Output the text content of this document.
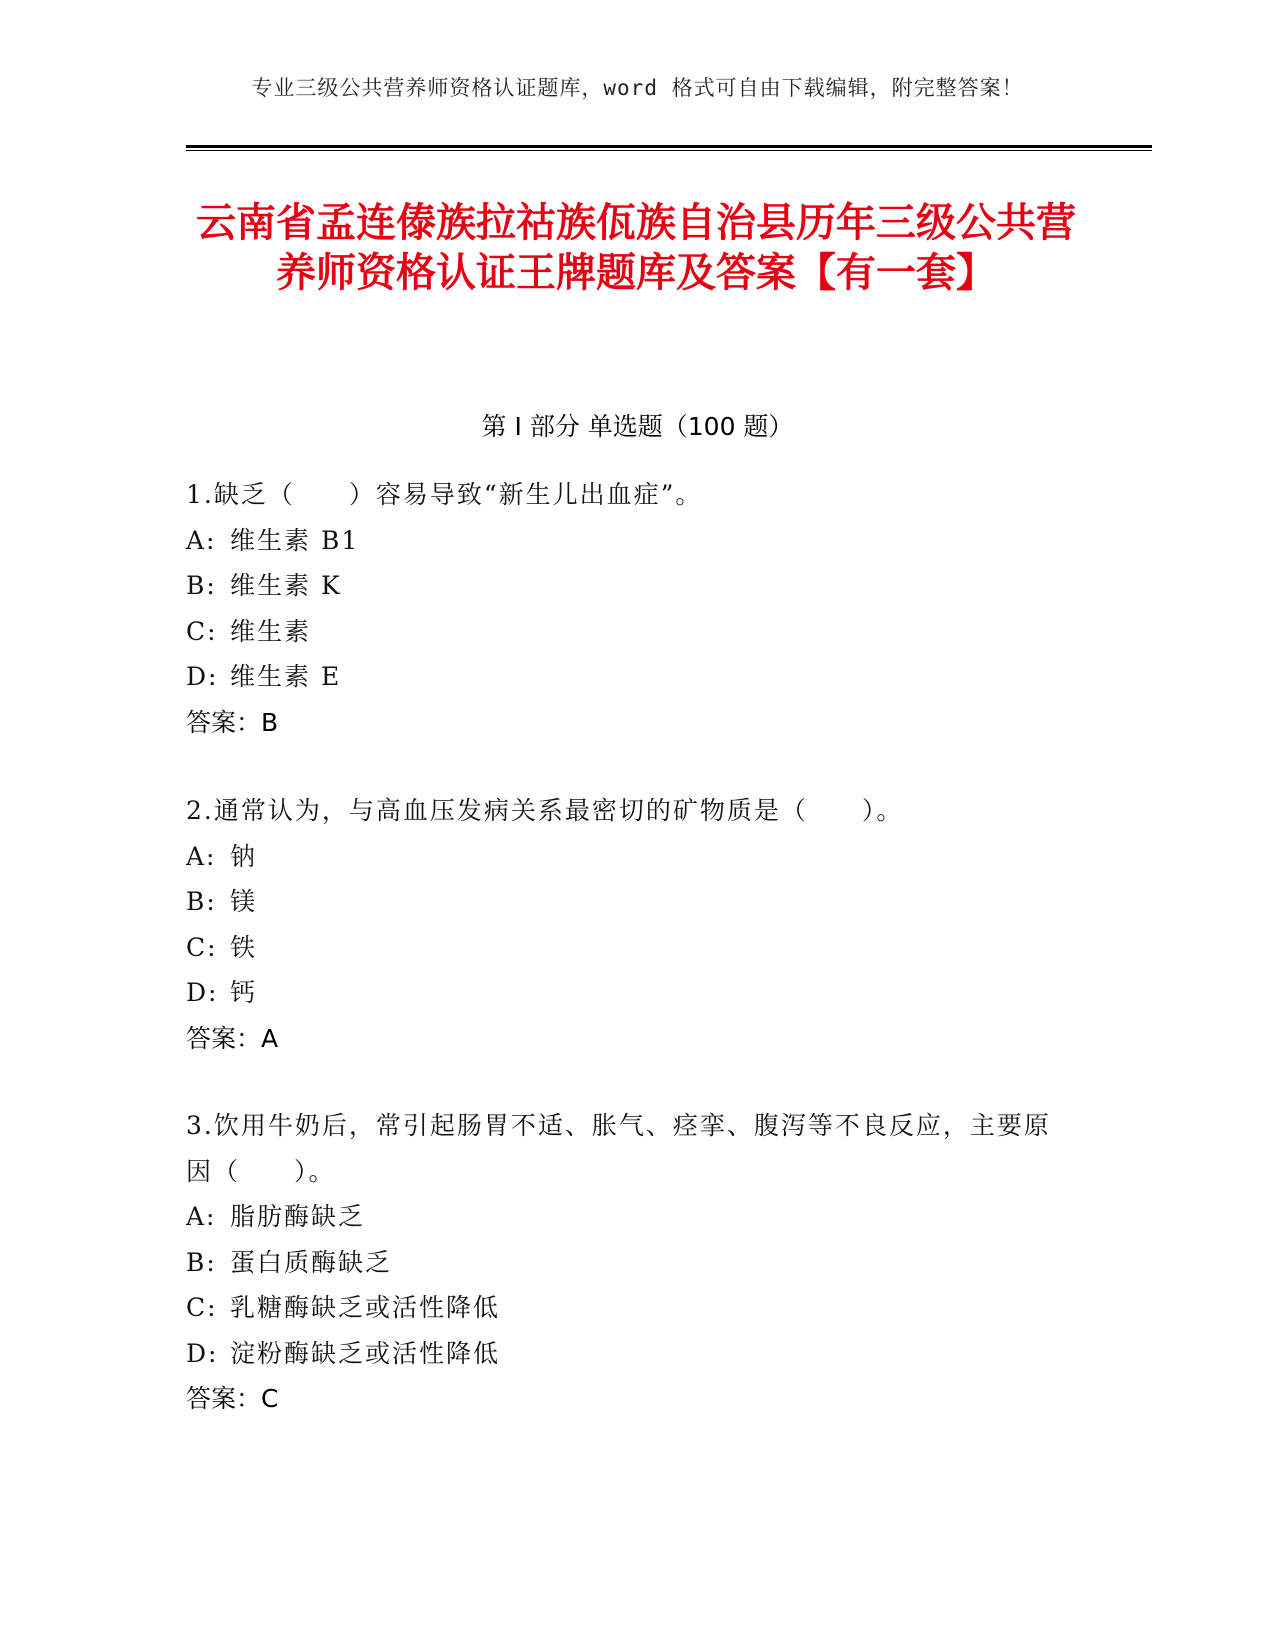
专业三级公共营养师资格认证题库，word 格式可自由下载编辑，附完整答案！
云南省孟连傣族拉祜族佤族自治县历年三级公共营养师资格认证王牌题库及答案【有一套】
第 I 部分 单选题（100 题）
1.缺乏（　　）容易导致“新生儿出血症”。
A: 维生素 B1
B: 维生素 K
C: 维生素
D: 维生素 E
答案：B
2.通常认为，与高血压发病关系最密切的矿物质是（　　）。
A: 钠
B: 镁
C: 铁
D: 钙
答案：A
3.饮用牛奶后，常引起肠胃不适、胀气、痉挛、腹泻等不良反应，主要原因（　　）。
A: 脂肪酶缺乏
B: 蛋白质酶缺乏
C: 乳糖酶缺乏或活性降低
D: 淀粉酶缺乏或活性降低
答案：C
